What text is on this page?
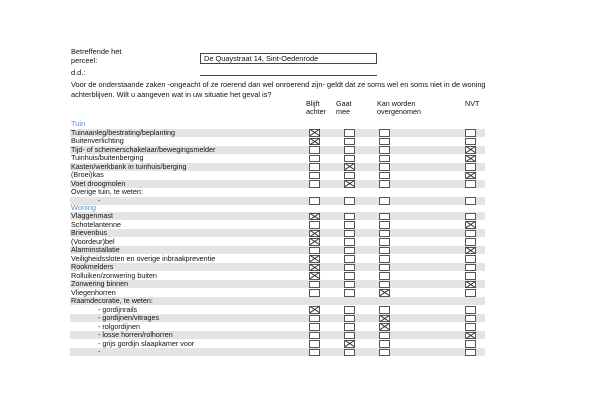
Betreffende het
perceel:	De Quaystraat 14, Sint-Oedenrode
d.d.:
Voor de onderstaande zaken -ongeacht of ze roerend dan wel onroerend zijn- geldt dat ze soms wel en soms niet in de woning achterblijven. Wilt u aangeven wat in uw situatie het geval is?
Blijft
achter
Gaat
mee
Kan worden
overgenomen
NVT
Tuin
Tuinaanleg/bestrating/beplanting
Buitenverlichting
Tijd- of schemerschakelaar/bewegingsmelder
Tuinhuis/buitenberging
Kasten/werkbank in tuinhuis/berging
(Broei)kas
Voet droogmolen
Overige tuin, te weten:
-
Woning
Vlaggenmast
Schotelantenne
Brievenbus
(Voordeur)bel
Alarminstallatie
Veiligheidssloten en overige inbraakpreventie
Rookmelders
Rolluiken/zonwering buiten
Zonwering binnen
Vliegenhorren
Raamdecoratie, te weten:
- gordijnrails
- gordijnen/vitrages
- rolgordijnen
- losse horren/rolhorren
- grijs gordijn slaapkamer voor
-
